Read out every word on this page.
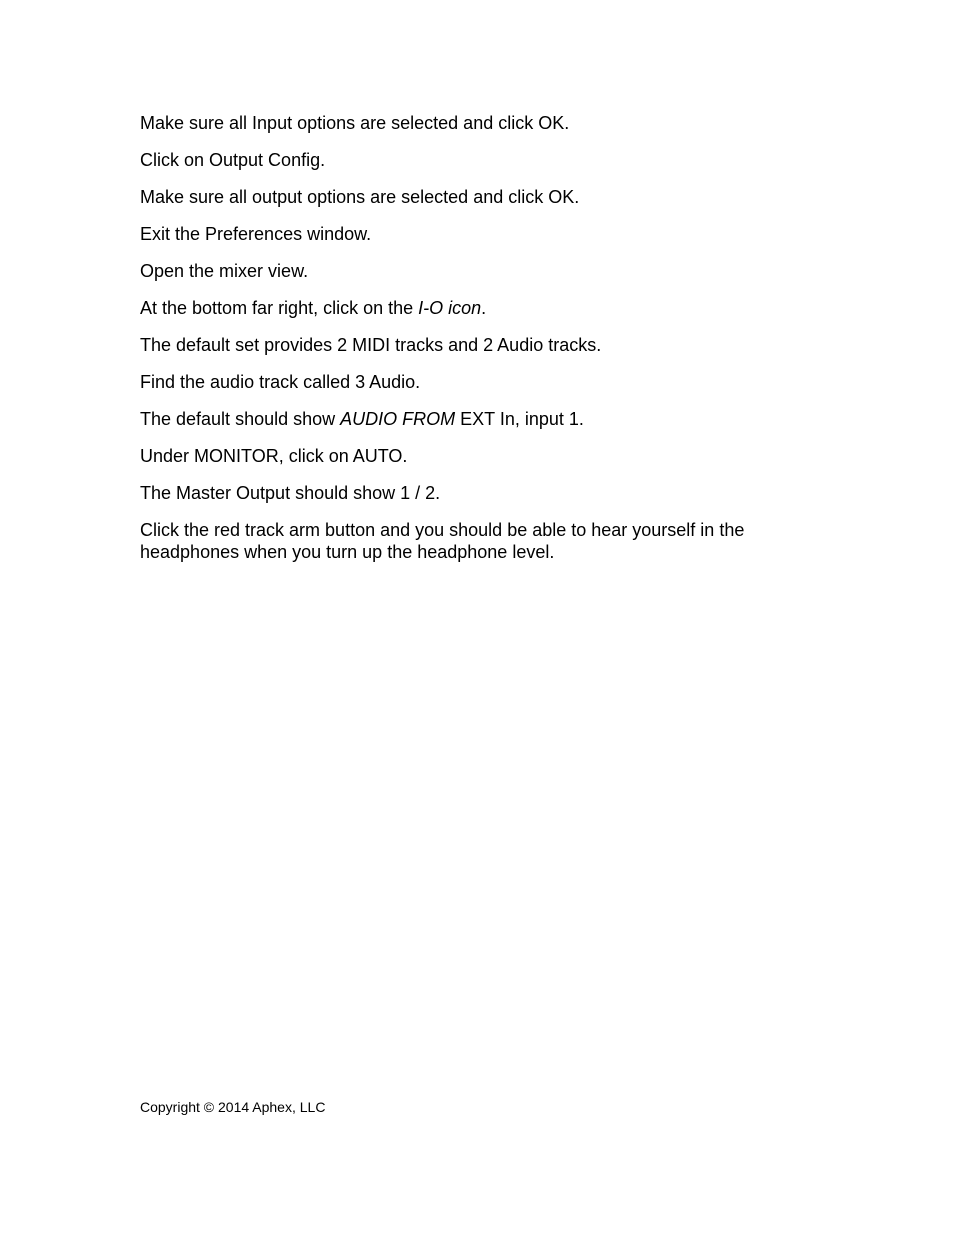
Make sure all Input options are selected and click OK.

Click on Output Config.

Make sure all output options are selected and click OK.

Exit the Preferences window.

Open the mixer view.

At the bottom far right, click on the I-O icon.

The default set provides 2 MIDI tracks and 2 Audio tracks.

Find the audio track called 3 Audio.

The default should show AUDIO FROM EXT In, input 1.

Under MONITOR, click on AUTO.

The Master Output should show 1 / 2.

Click the red track arm button and you should be able to hear yourself in the headphones when you turn up the headphone level.

Copyright © 2014 Aphex, LLC
